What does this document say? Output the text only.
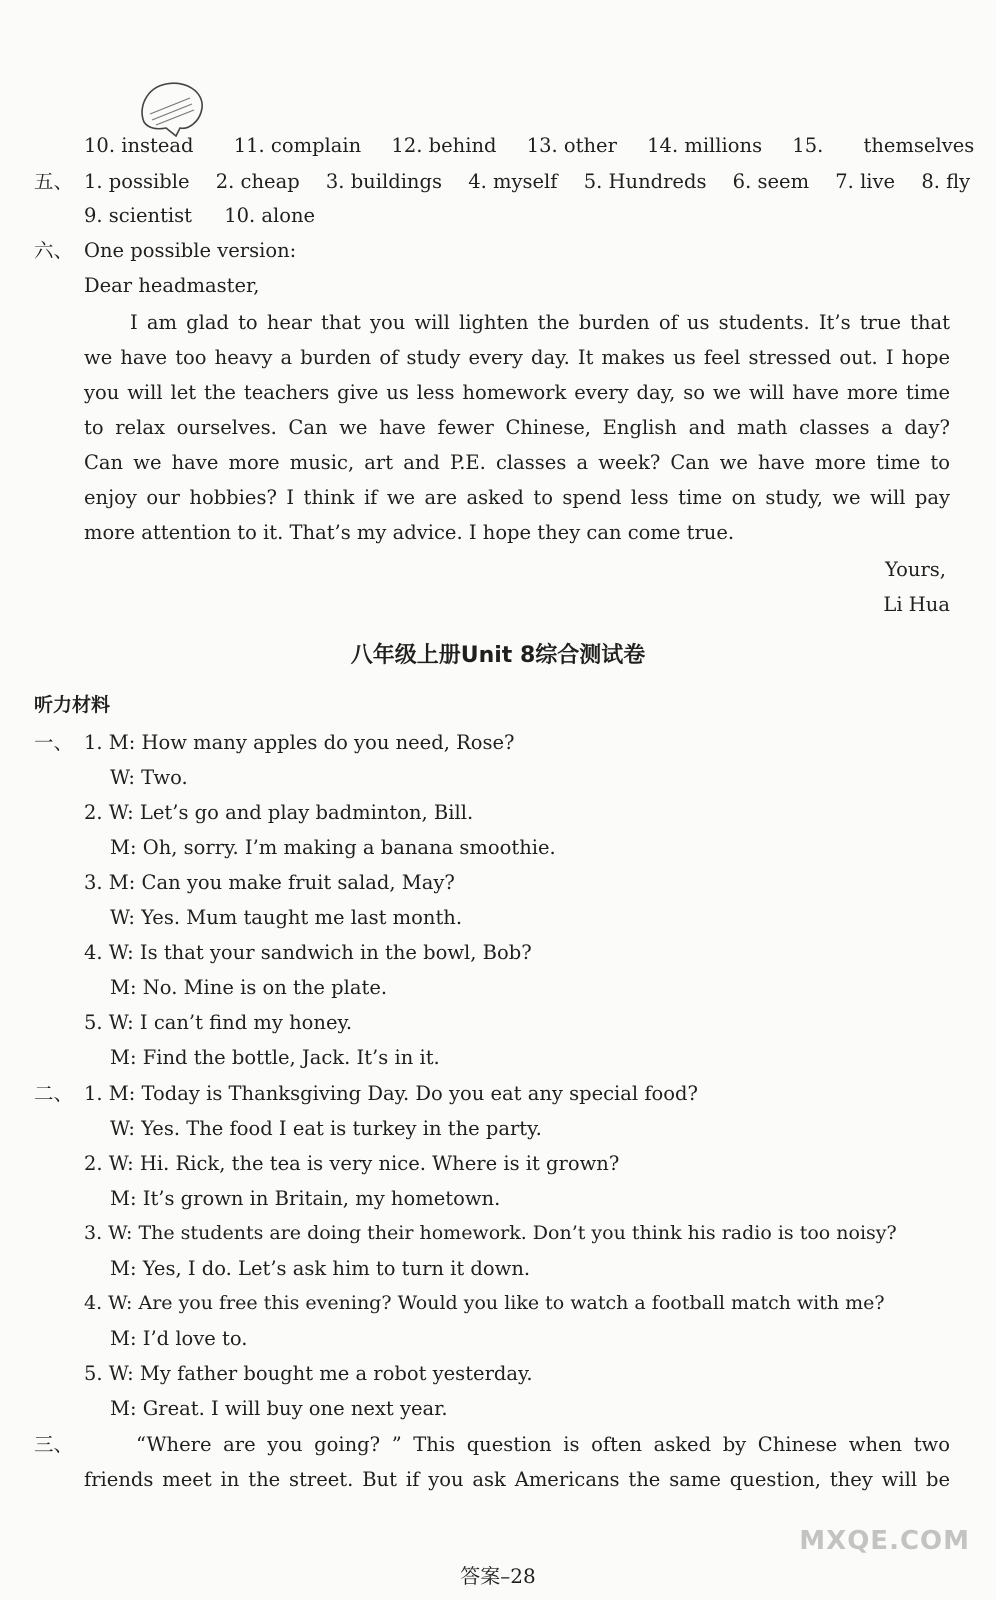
10. instead 11. complain 12. behind 13. other 14. millions 15. themselves
五、 1. possible 2. cheap 3. buildings 4. myself 5. Hundreds 6. seem 7. live 8. fly
9. scientist 10. alone
六、 One possible version:
Dear headmaster,
I am glad to hear that you will lighten the burden of us students. It’s true that
we have too heavy a burden of study every day. It makes us feel stressed out. I hope
you will let the teachers give us less homework every day, so we will have more time
to relax ourselves. Can we have fewer Chinese, English and math classes a day?
Can we have more music, art and P.E. classes a week? Can we have more time to
enjoy our hobbies? I think if we are asked to spend less time on study, we will pay
more attention to it. That’s my advice. I hope they can come true.
Yours,
Li Hua
八年级上册Unit 8综合测试卷
听力材料
一、 1. M: How many apples do you need, Rose?
W: Two.
2. W: Let’s go and play badminton, Bill.
M: Oh, sorry. I’m making a banana smoothie.
3. M: Can you make fruit salad, May?
W: Yes. Mum taught me last month.
4. W: Is that your sandwich in the bowl, Bob?
M: No. Mine is on the plate.
5. W: I can’t find my honey.
M: Find the bottle, Jack. It’s in it.
二、 1. M: Today is Thanksgiving Day. Do you eat any special food?
W: Yes. The food I eat is turkey in the party.
2. W: Hi. Rick, the tea is very nice. Where is it grown?
M: It’s grown in Britain, my hometown.
3. W: The students are doing their homework. Don’t you think his radio is too noisy?
M: Yes, I do. Let’s ask him to turn it down.
4. W: Are you free this evening? Would you like to watch a football match with me?
M: I’d love to.
5. W: My father bought me a robot yesterday.
M: Great. I will buy one next year.
三、	“Where are you going? ” This question is often asked by Chinese when two
friends meet in the street. But if you ask Americans the same question, they will be
MXQE.COM
答案–28
